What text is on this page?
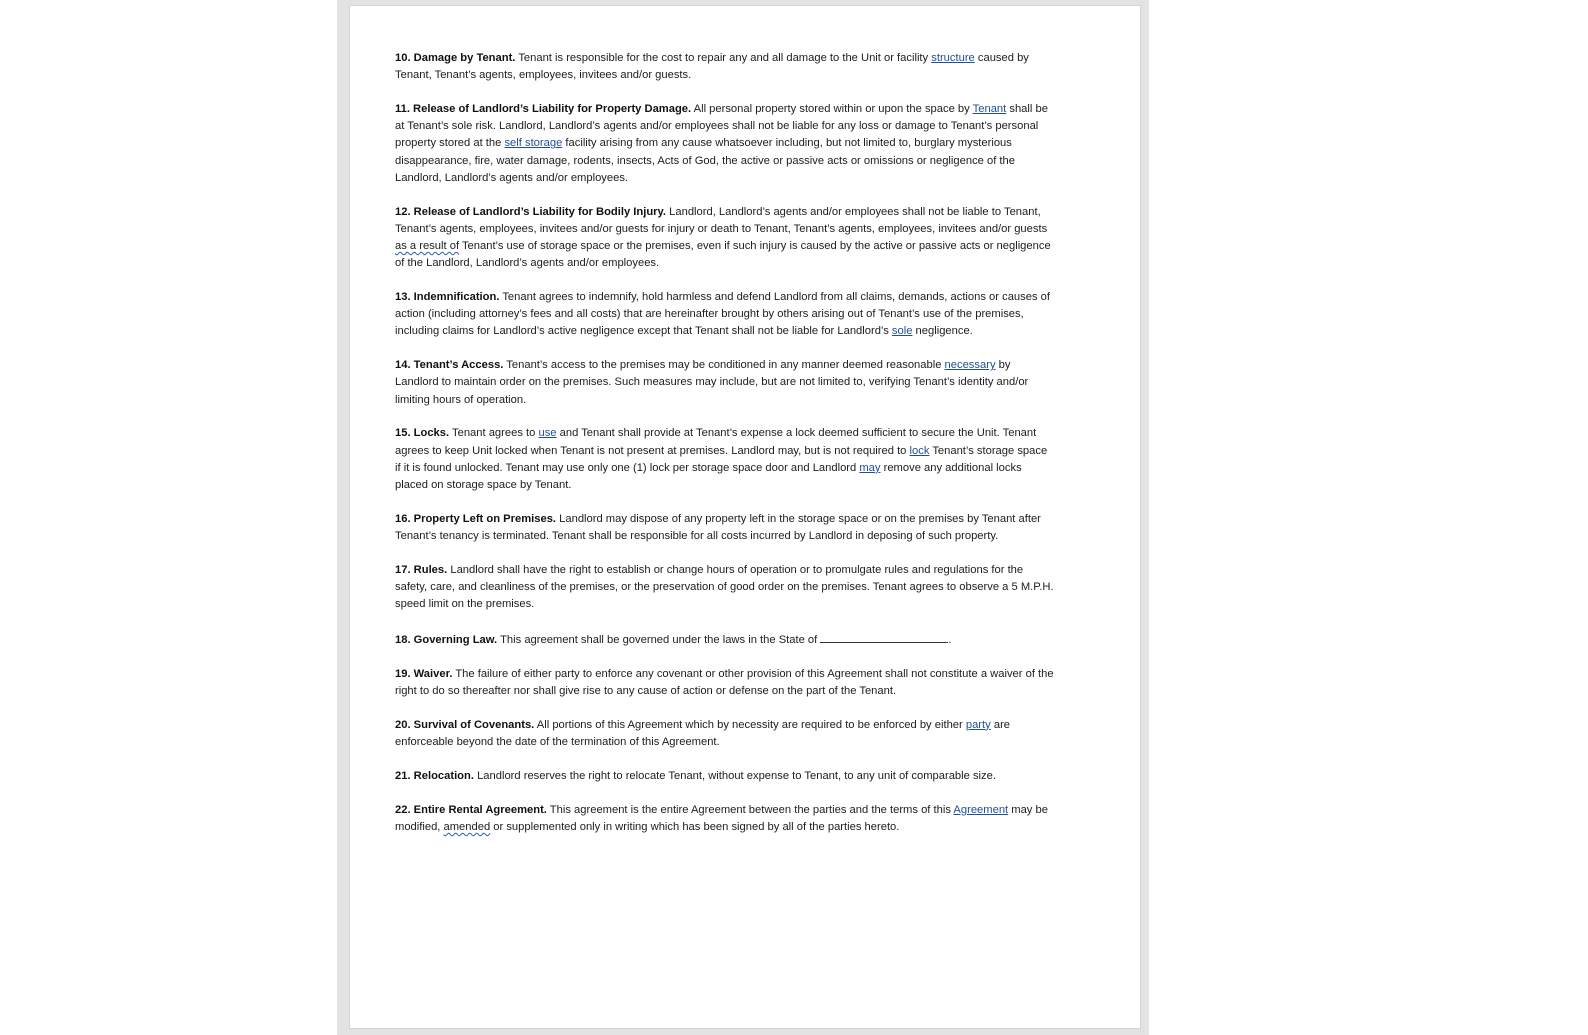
10. Damage by Tenant. Tenant is responsible for the cost to repair any and all damage to the Unit or facility structure caused by Tenant, Tenant’s agents, employees, invitees and/or guests.

11. Release of Landlord’s Liability for Property Damage. All personal property stored within or upon the space by Tenant shall be at Tenant’s sole risk. Landlord, Landlord’s agents and/or employees shall not be liable for any loss or damage to Tenant’s personal property stored at the self storage facility arising from any cause whatsoever including, but not limited to, burglary mysterious disappearance, fire, water damage, rodents, insects, Acts of God, the active or passive acts or omissions or negligence of the Landlord, Landlord’s agents and/or employees.

12. Release of Landlord’s Liability for Bodily Injury. Landlord, Landlord’s agents and/or employees shall not be liable to Tenant, Tenant’s agents, employees, invitees and/or guests for injury or death to Tenant, Tenant’s agents, employees, invitees and/or guests as a result of Tenant’s use of storage space or the premises, even if such injury is caused by the active or passive acts or negligence of the Landlord, Landlord’s agents and/or employees.

13. Indemnification. Tenant agrees to indemnify, hold harmless and defend Landlord from all claims, demands, actions or causes of action (including attorney’s fees and all costs) that are hereinafter brought by others arising out of Tenant’s use of the premises, including claims for Landlord’s active negligence except that Tenant shall not be liable for Landlord’s sole negligence.

14. Tenant’s Access. Tenant’s access to the premises may be conditioned in any manner deemed reasonable necessary by Landlord to maintain order on the premises. Such measures may include, but are not limited to, verifying Tenant’s identity and/or limiting hours of operation.

15. Locks. Tenant agrees to use and Tenant shall provide at Tenant’s expense a lock deemed sufficient to secure the Unit. Tenant agrees to keep Unit locked when Tenant is not present at premises. Landlord may, but is not required to lock Tenant’s storage space if it is found unlocked. Tenant may use only one (1) lock per storage space door and Landlord may remove any additional locks placed on storage space by Tenant.

16. Property Left on Premises. Landlord may dispose of any property left in the storage space or on the premises by Tenant after Tenant’s tenancy is terminated. Tenant shall be responsible for all costs incurred by Landlord in deposing of such property.

17. Rules. Landlord shall have the right to establish or change hours of operation or to promulgate rules and regulations for the safety, care, and cleanliness of the premises, or the preservation of good order on the premises. Tenant agrees to observe a 5 M.P.H. speed limit on the premises.

18. Governing Law. This agreement shall be governed under the laws in the State of	.

19. Waiver. The failure of either party to enforce any covenant or other provision of this Agreement shall not constitute a waiver of the right to do so thereafter nor shall give rise to any cause of action or defense on the part of the Tenant.

20. Survival of Covenants. All portions of this Agreement which by necessity are required to be enforced by either party are enforceable beyond the date of the termination of this Agreement.

21. Relocation. Landlord reserves the right to relocate Tenant, without expense to Tenant, to any unit of comparable size.

22. Entire Rental Agreement. This agreement is the entire Agreement between the parties and the terms of this Agreement may be modified, amended or supplemented only in writing which has been signed by all of the parties hereto.
